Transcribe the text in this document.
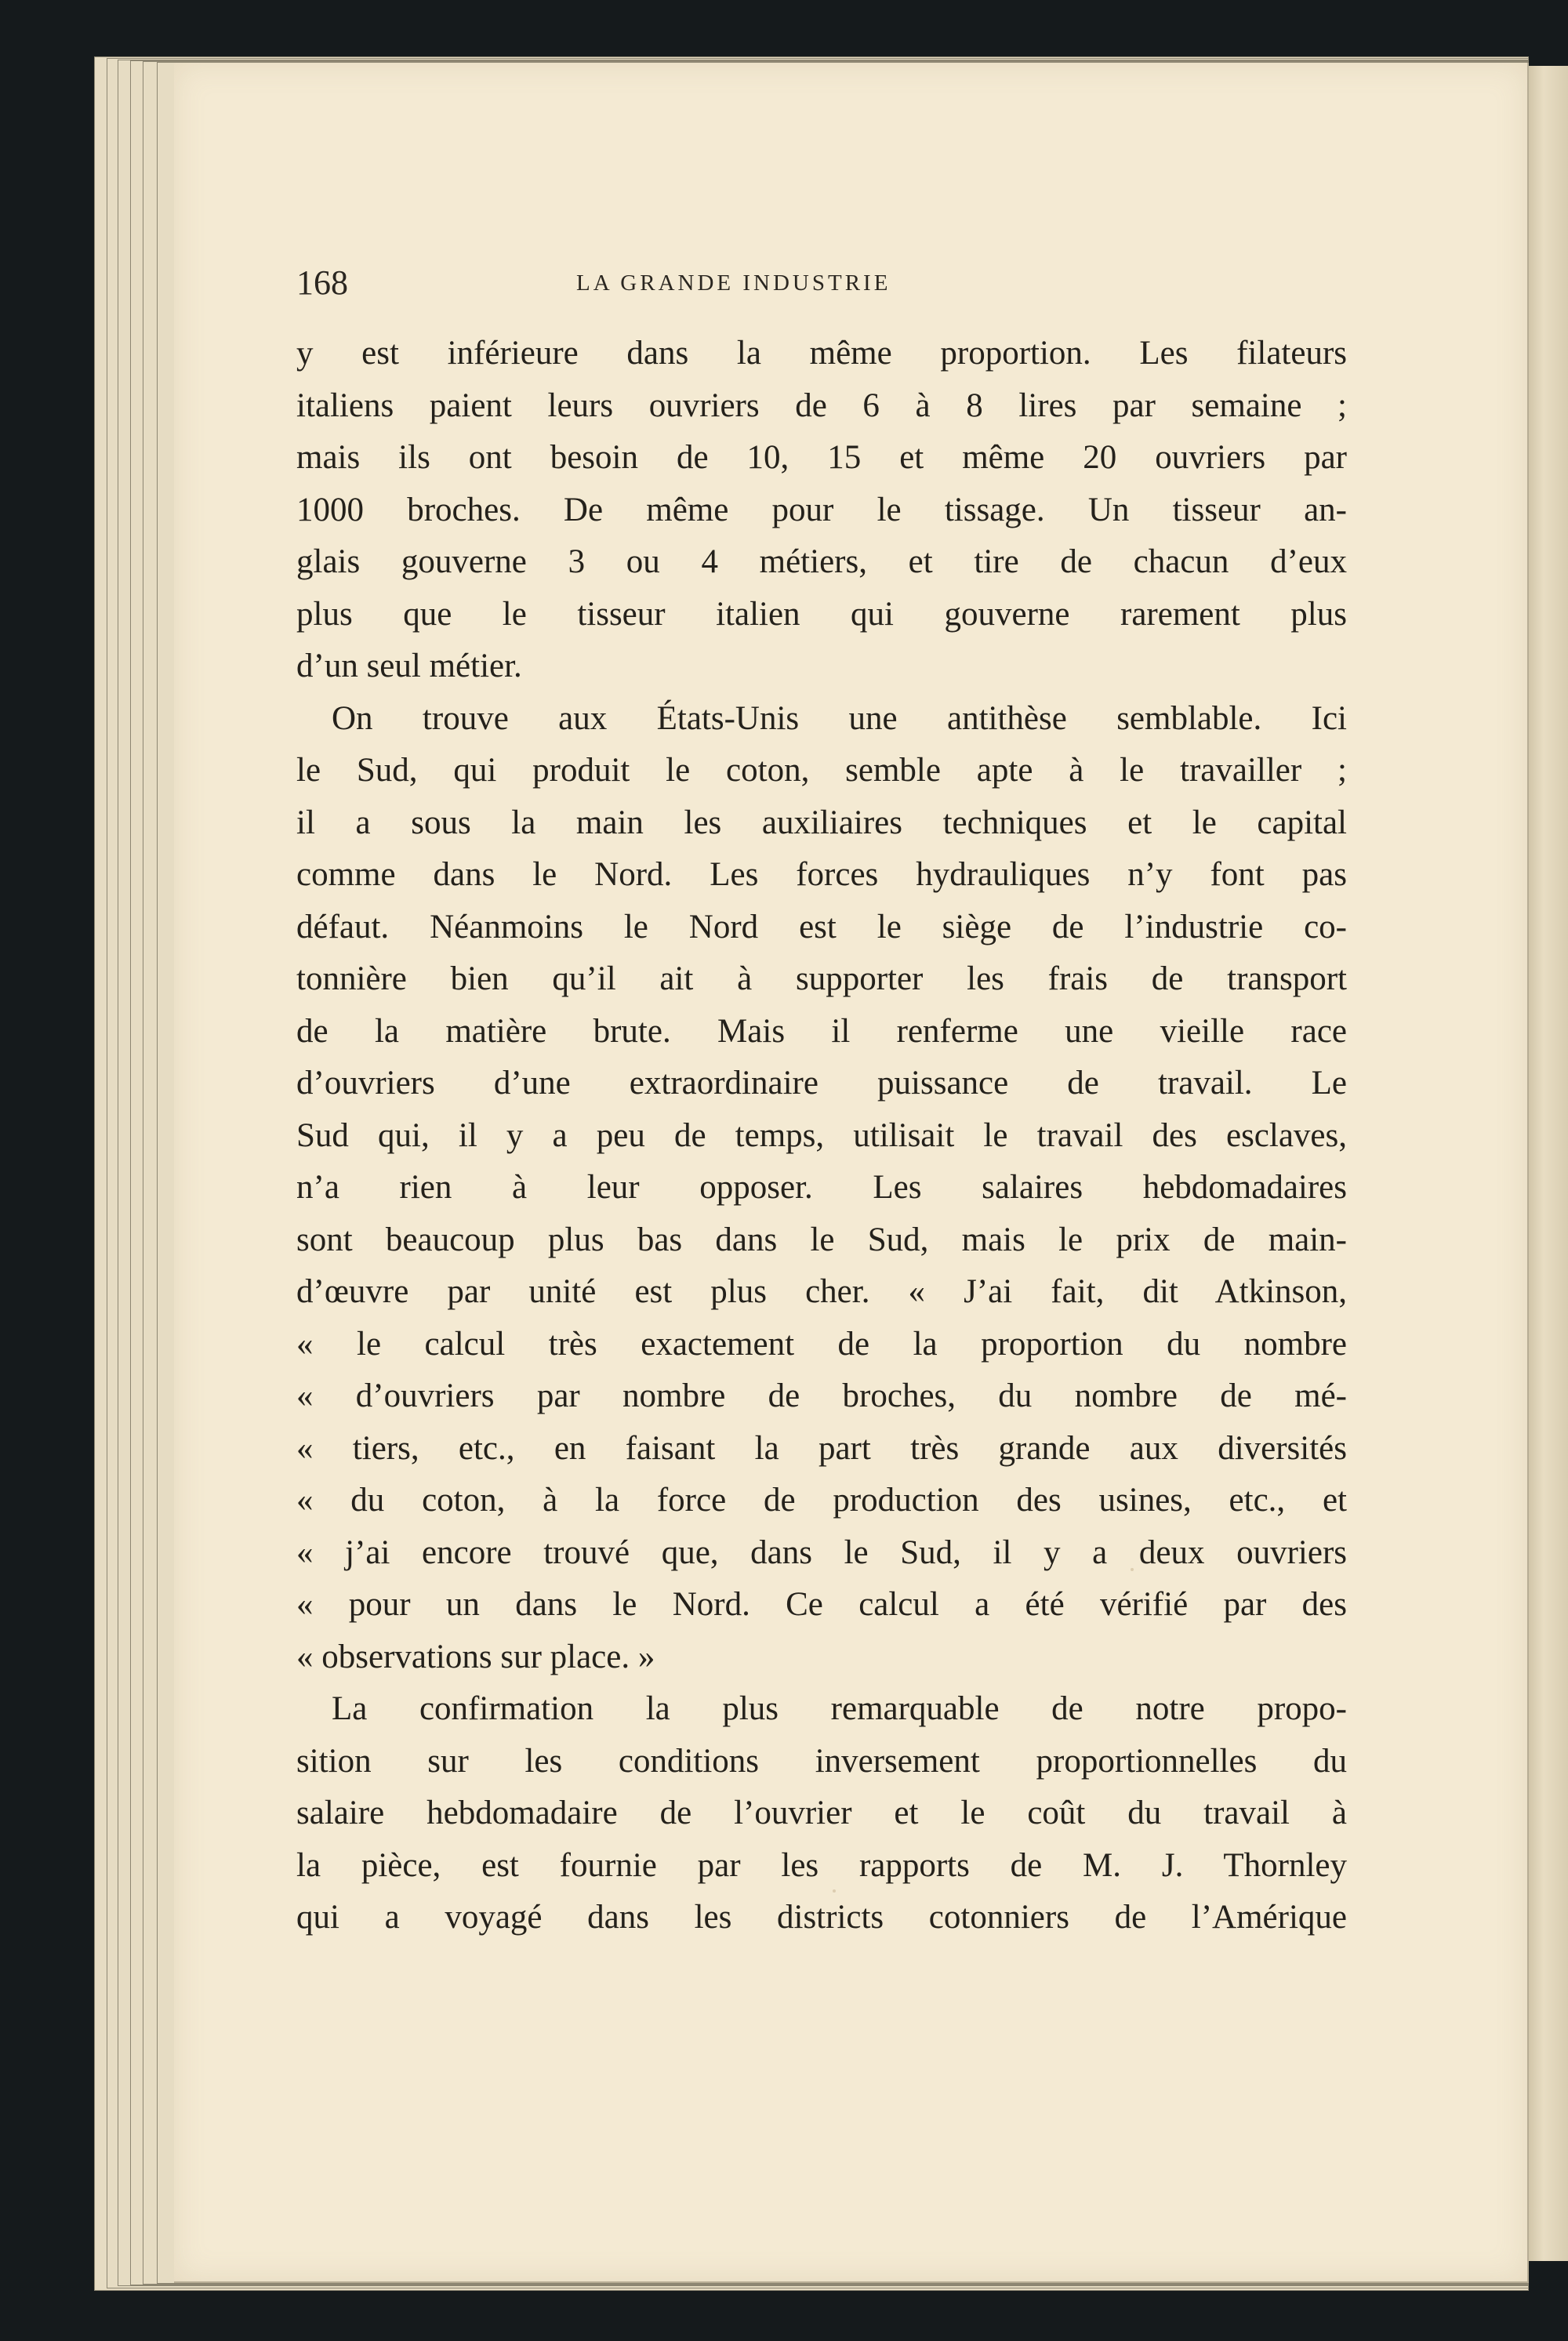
168	LA GRANDE INDUSTRIE
y est inférieure dans la même proportion. Les filateurs
italiens paient leurs ouvriers de 6 à 8 lires par semaine ;
mais ils ont besoin de 10, 15 et même 20 ouvriers par
1000 broches. De même pour le tissage. Un tisseur an-
glais gouverne 3 ou 4 métiers, et tire de chacun d’eux
plus que le tisseur italien qui gouverne rarement plus
d’un seul métier.
On trouve aux États-Unis une antithèse semblable. Ici
le Sud, qui produit le coton, semble apte à le travailler ;
il a sous la main les auxiliaires techniques et le capital
comme dans le Nord. Les forces hydrauliques n’y font pas
défaut. Néanmoins le Nord est le siège de l’industrie co-
tonnière bien qu’il ait à supporter les frais de transport
de la matière brute. Mais il renferme une vieille race
d’ouvriers d’une extraordinaire puissance de travail. Le
Sud qui, il y a peu de temps, utilisait le travail des esclaves,
n’a rien à leur opposer. Les salaires hebdomadaires
sont beaucoup plus bas dans le Sud, mais le prix de main-
d’œuvre par unité est plus cher. « J’ai fait, dit Atkinson,
« le calcul très exactement de la proportion du nombre
« d’ouvriers par nombre de broches, du nombre de mé-
« tiers, etc., en faisant la part très grande aux diversités
« du coton, à la force de production des usines, etc., et
« j’ai encore trouvé que, dans le Sud, il y a deux ouvriers
« pour un dans le Nord. Ce calcul a été vérifié par des
« observations sur place. »
La confirmation la plus remarquable de notre propo-
sition sur les conditions inversement proportionnelles du
salaire hebdomadaire de l’ouvrier et le coût du travail à
la pièce, est fournie par les rapports de M. J. Thornley
qui a voyagé dans les districts cotonniers de l’Amérique
